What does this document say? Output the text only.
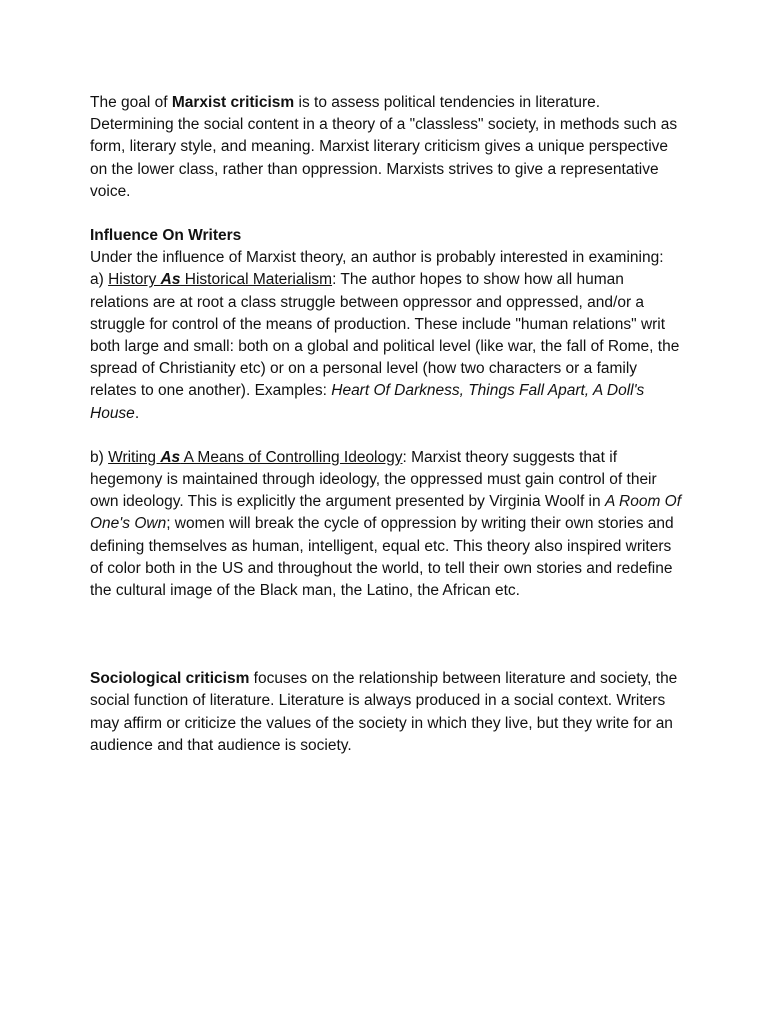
The goal of Marxist criticism is to assess political tendencies in literature. Determining the social content in a theory of a "classless" society, in methods such as form, literary style, and meaning. Marxist literary criticism gives a unique perspective on the lower class, rather than oppression. Marxists strives to give a representative voice.

Influence On Writers

Under the influence of Marxist theory, an author is probably interested in examining:

a) History As Historical Materialism: The author hopes to show how all human relations are at root a class struggle between oppressor and oppressed, and/or a struggle for control of the means of production. These include "human relations" writ both large and small: both on a global and political level (like war, the fall of Rome, the spread of Christianity etc) or on a personal level (how two characters or a family relates to one another). Examples: Heart Of Darkness, Things Fall Apart, A Doll's House.

b) Writing As A Means of Controlling Ideology: Marxist theory suggests that if hegemony is maintained through ideology, the oppressed must gain control of their own ideology. This is explicitly the argument presented by Virginia Woolf in A Room Of One's Own; women will break the cycle of oppression by writing their own stories and defining themselves as human, intelligent, equal etc. This theory also inspired writers of color both in the US and throughout the world, to tell their own stories and redefine the cultural image of the Black man, the Latino, the African etc.

Sociological criticism focuses on the relationship between literature and society, the social function of literature. Literature is always produced in a social context. Writers may affirm or criticize the values of the society in which they live, but they write for an audience and that audience is society.
